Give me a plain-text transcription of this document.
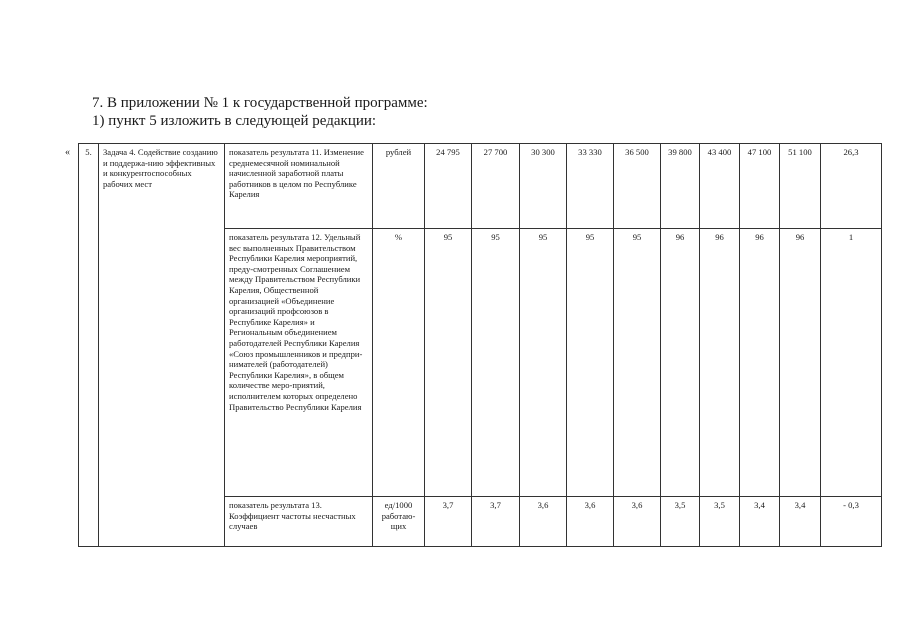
7. В приложении № 1 к государственной программе:
1) пункт 5 изложить в следующей редакции:
« 5.	Задача 4. Содействие созданию и поддержа-нию эффективных и конкурентоспособных рабочих мест	показатель результата 11. Изменение среднемесячной номинальной начисленной заработной платы работников в целом по Республике Карелия	рублей	24 795	27 700	30 300	33 330	36 500	39 800	43 400	47 100	51 100	26,3

		показатель результата 12. Удельный вес выполненных Правительством Республики Карелия мероприятий, преду-смотренных Соглашением между Правительством Республики Карелия, Общественной организацией «Объединение организаций профсоюзов в Республике Карелия» и Региональным объединением работодателей Республики Карелия «Союз промышленников и предпри-нимателей (работодателей) Республики Карелия», в общем количестве меро-приятий, исполнителем которых определено Правительство Республики Карелия	%	95	95	95	95	95	96	96	96	96	1

		показатель результата 13. Коэффициент частоты несчастных случаев	ед/1000 работаю-щих	3,7	3,7	3,6	3,6	3,6	3,5	3,5	3,4	3,4	- 0,3
